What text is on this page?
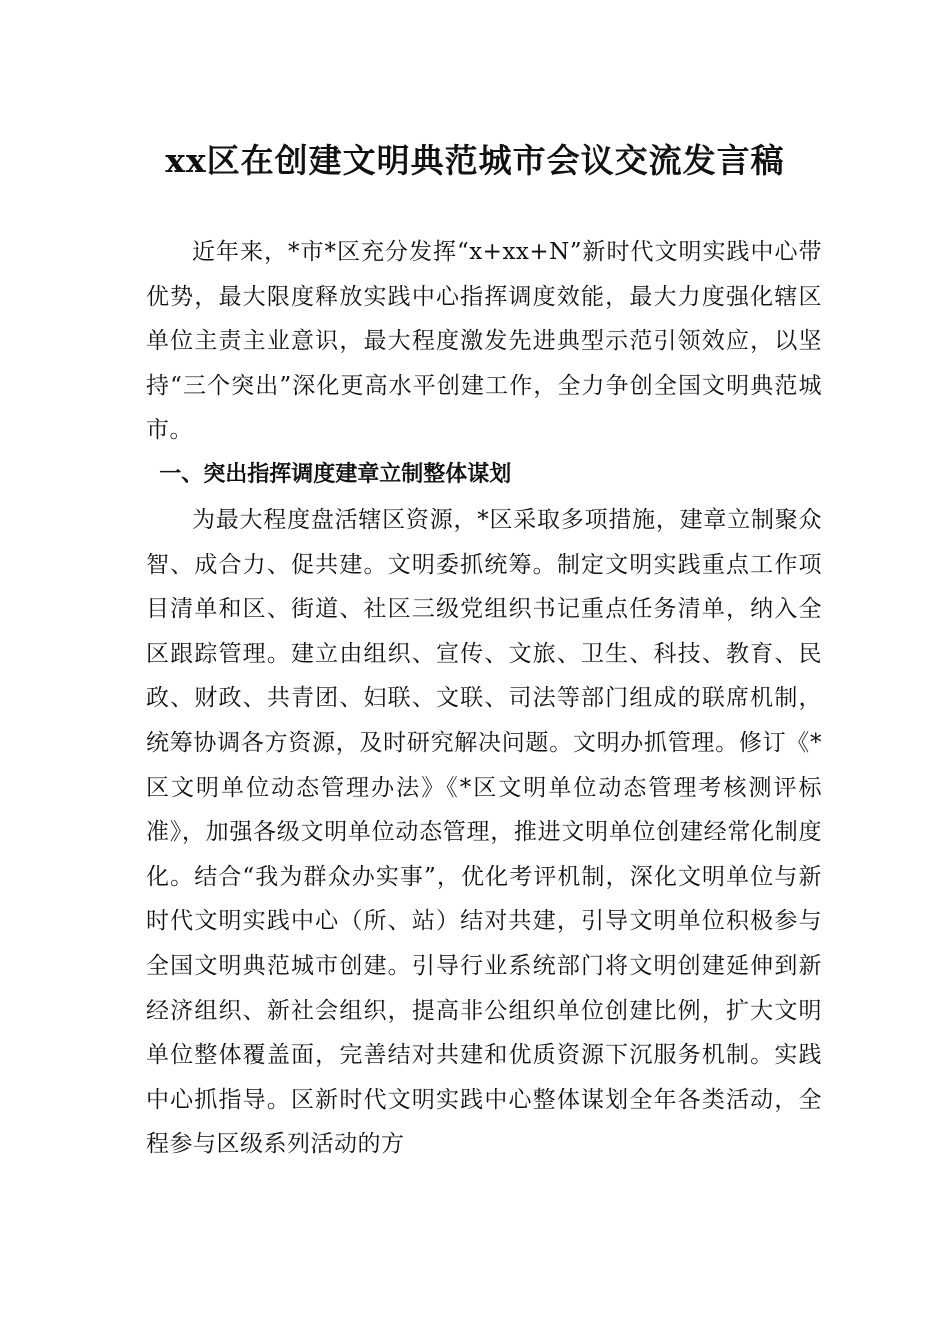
xx区在创建文明典范城市会议交流发言稿

近年来，*市*区充分发挥“x+xx+N”新时代文明实践中心带优势，最大限度释放实践中心指挥调度效能，最大力度强化辖区单位主责主业意识，最大程度激发先进典型示范引领效应，以坚持“三个突出”深化更高水平创建工作，全力争创全国文明典范城市。

一、突出指挥调度建章立制整体谋划

为最大程度盘活辖区资源，*区采取多项措施，建章立制聚众智、成合力、促共建。文明委抓统筹。制定文明实践重点工作项目清单和区、街道、社区三级党组织书记重点任务清单，纳入全区跟踪管理。建立由组织、宣传、文旅、卫生、科技、教育、民政、财政、共青团、妇联、文联、司法等部门组成的联席机制，统筹协调各方资源，及时研究解决问题。文明办抓管理。修订《*区文明单位动态管理办法》《*区文明单位动态管理考核测评标准》，加强各级文明单位动态管理，推进文明单位创建经常化制度化。结合“我为群众办实事”，优化考评机制，深化文明单位与新时代文明实践中心（所、站）结对共建，引导文明单位积极参与全国文明典范城市创建。引导行业系统部门将文明创建延伸到新经济组织、新社会组织，提高非公组织单位创建比例，扩大文明单位整体覆盖面，完善结对共建和优质资源下沉服务机制。实践中心抓指导。区新时代文明实践中心整体谋划全年各类活动，全程参与区级系列活动的方
